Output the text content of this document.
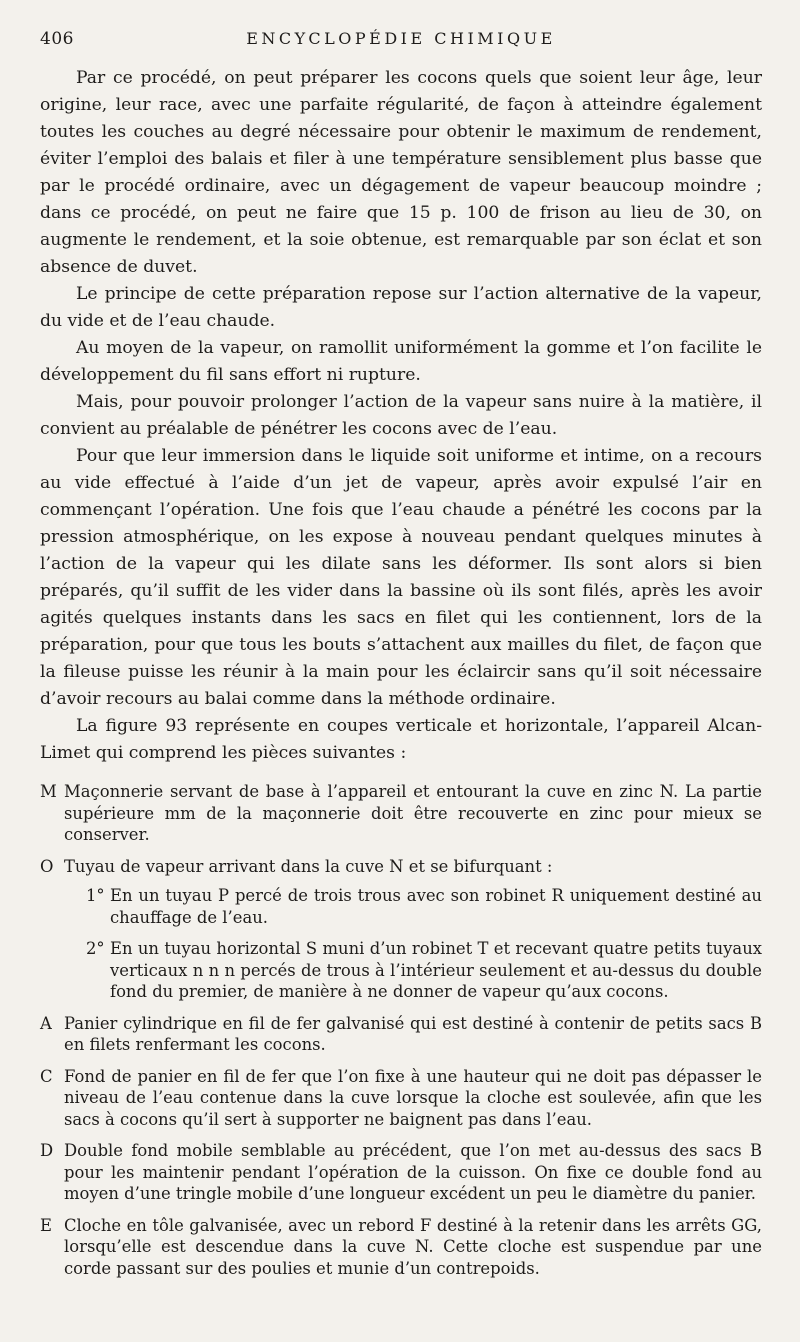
406	ENCYCLOPÉDIE CHIMIQUE

Par ce procédé, on peut préparer les cocons quels que soient leur âge, leur origine, leur race, avec une parfaite régularité, de façon à atteindre également toutes les couches au degré nécessaire pour obtenir le maximum de rendement, éviter l’emploi des balais et filer à une température sensiblement plus basse que par le procédé ordinaire, avec un dégagement de vapeur beaucoup moindre ; dans ce procédé, on peut ne faire que 15 p. 100 de frison au lieu de 30, on augmente le rendement, et la soie obtenue, est remarquable par son éclat et son absence de duvet.

Le principe de cette préparation repose sur l’action alternative de la vapeur, du vide et de l’eau chaude.

Au moyen de la vapeur, on ramollit uniformément la gomme et l’on facilite le développement du fil sans effort ni rupture.

Mais, pour pouvoir prolonger l’action de la vapeur sans nuire à la matière, il convient au préalable de pénétrer les cocons avec de l’eau.

Pour que leur immersion dans le liquide soit uniforme et intime, on a recours au vide effectué à l’aide d’un jet de vapeur, après avoir expulsé l’air en commençant l’opération. Une fois que l’eau chaude a pénétré les cocons par la pression atmosphérique, on les expose à nouveau pendant quelques minutes à l’action de la vapeur qui les dilate sans les déformer. Ils sont alors si bien préparés, qu’il suffit de les vider dans la bassine où ils sont filés, après les avoir agités quelques instants dans les sacs en filet qui les contiennent, lors de la préparation, pour que tous les bouts s’attachent aux mailles du filet, de façon que la fileuse puisse les réunir à la main pour les éclaircir sans qu’il soit nécessaire d’avoir recours au balai comme dans la méthode ordinaire.

La figure 93 représente en coupes verticale et horizontale, l’appareil Alcan-Limet qui comprend les pièces suivantes :

M Maçonnerie servant de base à l’appareil et entourant la cuve en zinc N. La partie supérieure mm de la maçonnerie doit être recouverte en zinc pour mieux se conserver.
O Tuyau de vapeur arrivant dans la cuve N et se bifurquant :
1° En un tuyau P percé de trois trous avec son robinet R uniquement destiné au chauffage de l’eau.
2° En un tuyau horizontal S muni d’un robinet T et recevant quatre petits tuyaux verticaux n n n percés de trous à l’intérieur seulement et au-dessus du double fond du premier, de manière à ne donner de vapeur qu’aux cocons.
A Panier cylindrique en fil de fer galvanisé qui est destiné à contenir de petits sacs B en filets renfermant les cocons.
C Fond de panier en fil de fer que l’on fixe à une hauteur qui ne doit pas dépasser le niveau de l’eau contenue dans la cuve lorsque la cloche est soulevée, afin que les sacs à cocons qu’il sert à supporter ne baignent pas dans l’eau.
D Double fond mobile semblable au précédent, que l’on met au-dessus des sacs B pour les maintenir pendant l’opération de la cuisson. On fixe ce double fond au moyen d’une tringle mobile d’une longueur excédent un peu le diamètre du panier.
E Cloche en tôle galvanisée, avec un rebord F destiné à la retenir dans les arrêts GG, lorsqu’elle est descendue dans la cuve N. Cette cloche est suspendue par une corde passant sur des poulies et munie d’un contrepoids.
